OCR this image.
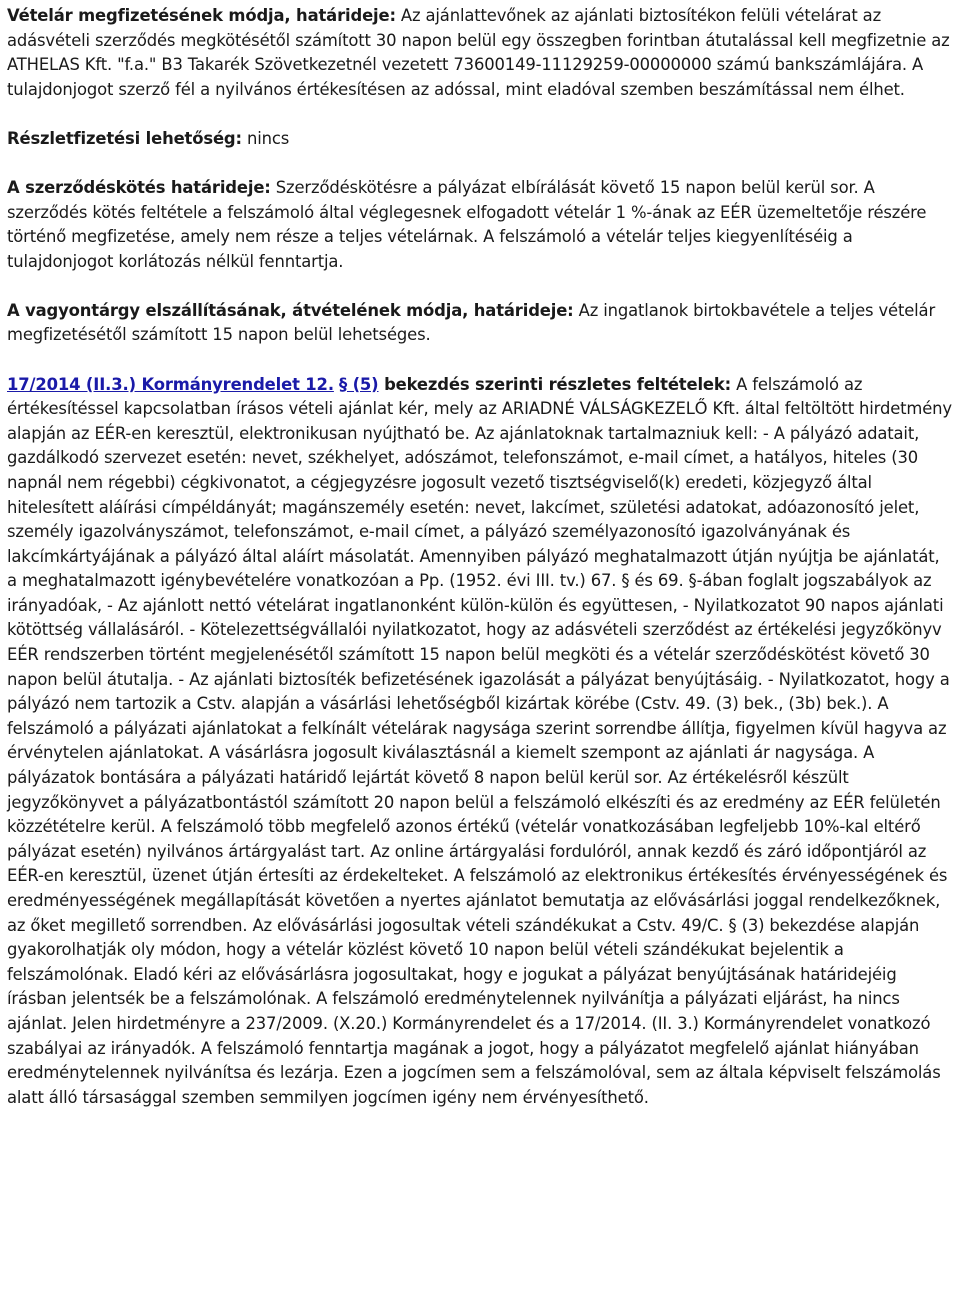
Vételár megfizetésének módja, határideje: Az ajánlattevőnek az ajánlati biztosítékon felüli vételárat az adásvételi szerződés megkötésétől számított 30 napon belül egy összegben forintban átutalással kell megfizetnie az ATHELAS Kft. "f.a." B3 Takarék Szövetkezetnél vezetett 73600149-11129259-00000000 számú bankszámlájára. A tulajdonjogot szerző fél a nyilvános értékesítésen az adóssal, mint eladóval szemben beszámítással nem élhet.

Részletfizetési lehetőség: nincs

A szerződéskötés határideje: Szerződéskötésre a pályázat elbírálását követő 15 napon belül kerül sor. A szerződés kötés feltétele a felszámoló által véglegesnek elfogadott vételár 1 %-ának az EÉR üzemeltetője részére történő megfizetése, amely nem része a teljes vételárnak. A felszámoló a vételár teljes kiegyenlítéséig a tulajdonjogot korlátozás nélkül fenntartja.

A vagyontárgy elszállításának, átvételének módja, határideje: Az ingatlanok birtokbavétele a teljes vételár megfizetésétől számított 15 napon belül lehetséges.

17/2014 (II.3.) Kormányrendelet 12. § (5) bekezdés szerinti részletes feltételek: A felszámoló az értékesítéssel kapcsolatban írásos vételi ajánlat kér, mely az ARIADNÉ VÁLSÁGKEZELŐ Kft. által feltöltött hirdetmény alapján az EÉR-en keresztül, elektronikusan nyújtható be. Az ajánlatoknak tartalmazniuk kell: - A pályázó adatait, gazdálkodó szervezet esetén: nevet, székhelyet, adószámot, telefonszámot, e-mail címet, a hatályos, hiteles (30 napnál nem régebbi) cégkivonatot, a cégjegyzésre jogosult vezető tisztségviselő(k) eredeti, közjegyző által hitelesített aláírási címpéldányát; magánszemély esetén: nevet, lakcímet, születési adatokat, adóazonosító jelet, személy igazolványszámot, telefonszámot, e-mail címet, a pályázó személyazonosító igazolványának és lakcímkártyájának a pályázó által aláírt másolatát. Amennyiben pályázó meghatalmazott útján nyújtja be ajánlatát, a meghatalmazott igénybevételére vonatkozóan a Pp. (1952. évi III. tv.) 67. § és 69. §-ában foglalt jogszabályok az irányadóak, - Az ajánlott nettó vételárat ingatlanonként külön-külön és együttesen, - Nyilatkozatot 90 napos ajánlati kötöttség vállalásáról. - Kötelezettségvállalói nyilatkozatot, hogy az adásvételi szerződést az értékelési jegyzőkönyv EÉR rendszerben történt megjelenésétől számított 15 napon belül megköti és a vételár szerződéskötést követő 30 napon belül átutalja. - Az ajánlati biztosíték befizetésének igazolását a pályázat benyújtásáig. - Nyilatkozatot, hogy a pályázó nem tartozik a Cstv. alapján a vásárlási lehetőségből kizártak körébe (Cstv. 49. (3) bek., (3b) bek.). A felszámoló a pályázati ajánlatokat a felkínált vételárak nagysága szerint sorrendbe állítja, figyelmen kívül hagyva az érvénytelen ajánlatokat. A vásárlásra jogosult kiválasztásnál a kiemelt szempont az ajánlati ár nagysága. A pályázatok bontására a pályázati határidő lejártát követő 8 napon belül kerül sor. Az értékelésről készült jegyzőkönyvet a pályázatbontástól számított 20 napon belül a felszámoló elkészíti és az eredmény az EÉR felületén közzétételre kerül. A felszámoló több megfelelő azonos értékű (vételár vonatkozásában legfeljebb 10%-kal eltérő pályázat esetén) nyilvános ártárgyalást tart. Az online ártárgyalási fordulóról, annak kezdő és záró időpontjáról az EÉR-en keresztül, üzenet útján értesíti az érdekelteket. A felszámoló az elektronikus értékesítés érvényességének és eredményességének megállapítását követően a nyertes ajánlatot bemutatja az elővásárlási joggal rendelkezőknek, az őket megillető sorrendben. Az elővásárlási jogosultak vételi szándékukat a Cstv. 49/C. § (3) bekezdése alapján gyakorolhatják oly módon, hogy a vételár közlést követő 10 napon belül vételi szándékukat bejelentik a felszámolónak. Eladó kéri az elővásárlásra jogosultakat, hogy e jogukat a pályázat benyújtásának határidejéig írásban jelentsék be a felszámolónak. A felszámoló eredménytelennek nyilvánítja a pályázati eljárást, ha nincs ajánlat. Jelen hirdetményre a 237/2009. (X.20.) Kormányrendelet és a 17/2014. (II. 3.) Kormányrendelet vonatkozó szabályai az irányadók. A felszámoló fenntartja magának a jogot, hogy a pályázatot megfelelő ajánlat hiányában eredménytelennek nyilvánítsa és lezárja. Ezen a jogcímen sem a felszámolóval, sem az általa képviselt felszámolás alatt álló társasággal szemben semmilyen jogcímen igény nem érvényesíthető.
